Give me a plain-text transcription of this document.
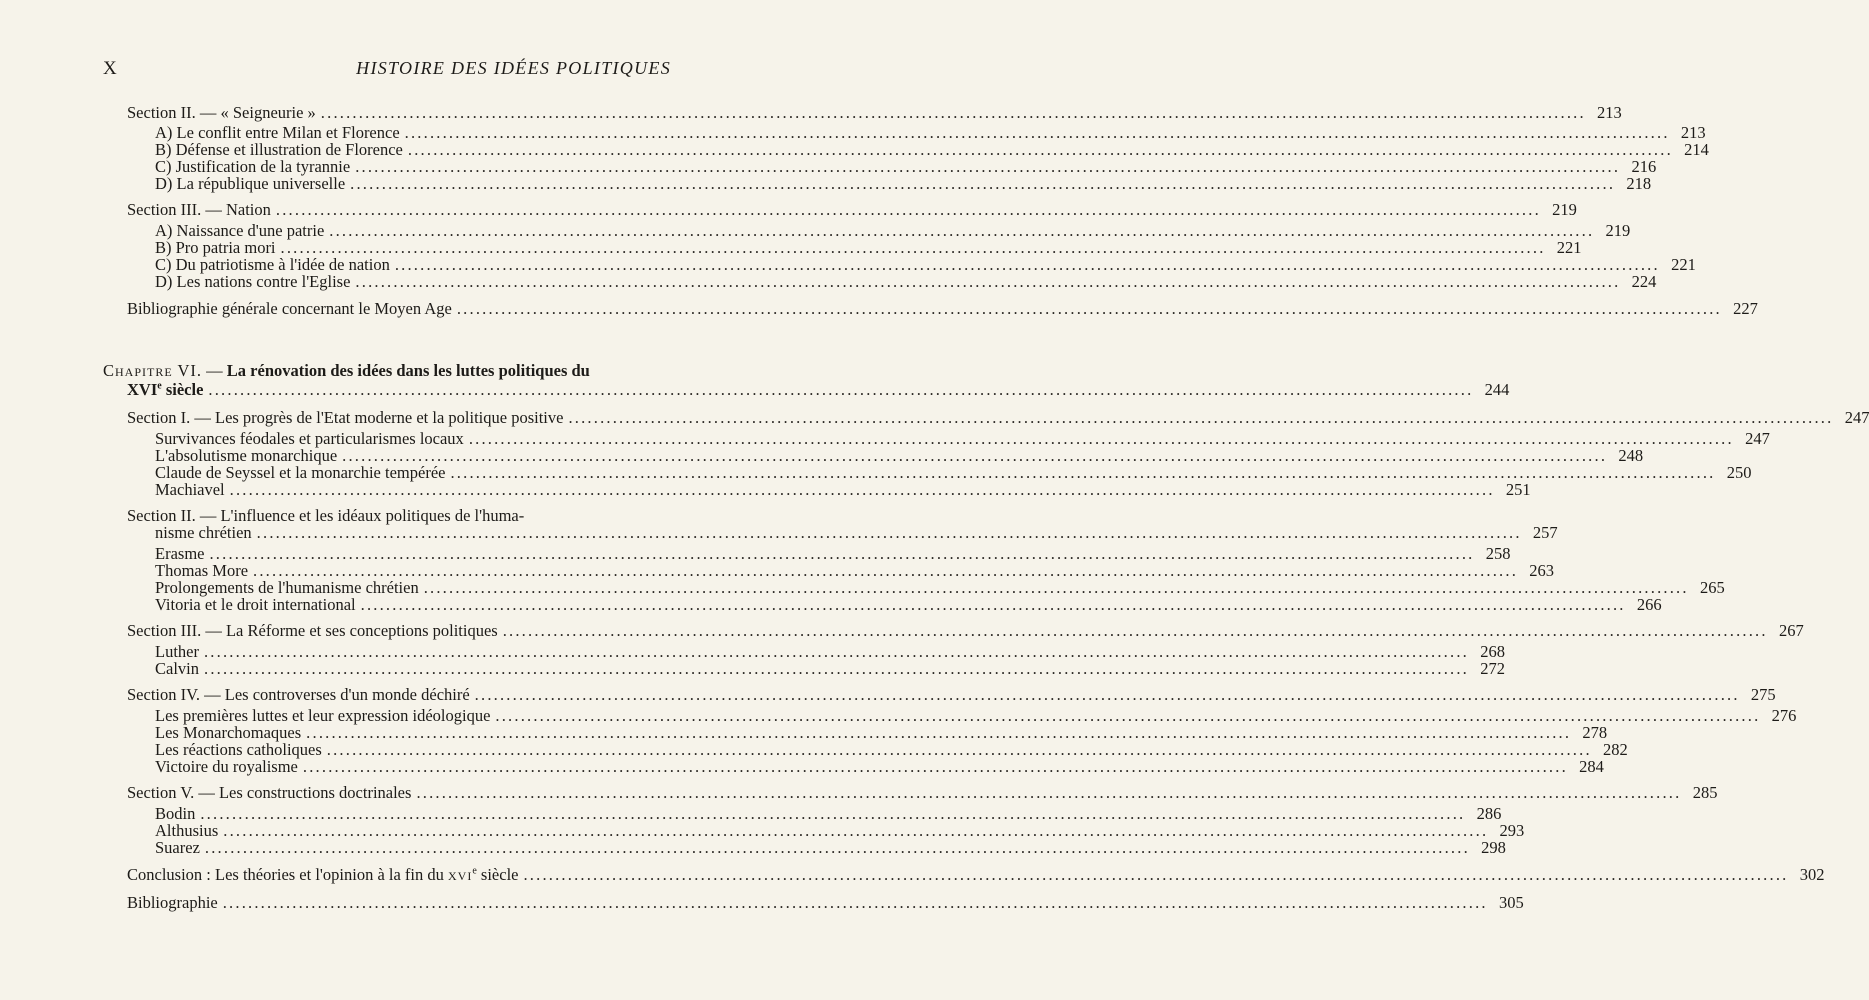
X	HISTOIRE DES IDÉES POLITIQUES
Section II. — « Seigneurie » ........................................................................................................................................................................................................ 213
A) Le conflit entre Milan et Florence ........................................................................................................................................................................................................ 213
B) Défense et illustration de Florence ........................................................................................................................................................................................................ 214
C) Justification de la tyrannie ........................................................................................................................................................................................................ 216
D) La république universelle ........................................................................................................................................................................................................ 218
Section III. — Nation ........................................................................................................................................................................................................ 219
A) Naissance d'une patrie ........................................................................................................................................................................................................ 219
B) Pro patria mori ........................................................................................................................................................................................................ 221
C) Du patriotisme à l'idée de nation ........................................................................................................................................................................................................ 221
D) Les nations contre l'Eglise ........................................................................................................................................................................................................ 224
Bibliographie générale concernant le Moyen Age ........................................................................................................................................................................................................ 227
Chapitre VI. — La rénovation des idées dans les luttes politiques du
XVIe siècle ........................................................................................................................................................................................................ 244
Section I. — Les progrès de l'Etat moderne et la politique positive ........................................................................................................................................................................................................ 247
Survivances féodales et particularismes locaux ........................................................................................................................................................................................................ 247
L'absolutisme monarchique ........................................................................................................................................................................................................ 248
Claude de Seyssel et la monarchie tempérée ........................................................................................................................................................................................................ 250
Machiavel ........................................................................................................................................................................................................ 251
Section II. — L'influence et les idéaux politiques de l'huma-
nisme chrétien ........................................................................................................................................................................................................ 257
Erasme ........................................................................................................................................................................................................ 258
Thomas More ........................................................................................................................................................................................................ 263
Prolongements de l'humanisme chrétien ........................................................................................................................................................................................................ 265
Vitoria et le droit international ........................................................................................................................................................................................................ 266
Section III. — La Réforme et ses conceptions politiques ........................................................................................................................................................................................................ 267
Luther ........................................................................................................................................................................................................ 268
Calvin ........................................................................................................................................................................................................ 272
Section IV. — Les controverses d'un monde déchiré ........................................................................................................................................................................................................ 275
Les premières luttes et leur expression idéologique ........................................................................................................................................................................................................ 276
Les Monarchomaques ........................................................................................................................................................................................................ 278
Les réactions catholiques ........................................................................................................................................................................................................ 282
Victoire du royalisme ........................................................................................................................................................................................................ 284
Section V. — Les constructions doctrinales ........................................................................................................................................................................................................ 285
Bodin ........................................................................................................................................................................................................ 286
Althusius ........................................................................................................................................................................................................ 293
Suarez ........................................................................................................................................................................................................ 298
Conclusion : Les théories et l'opinion à la fin du xvi$^e$ siècle ........................................................................................................................................................................................................ 302
Bibliographie ........................................................................................................................................................................................................ 305
